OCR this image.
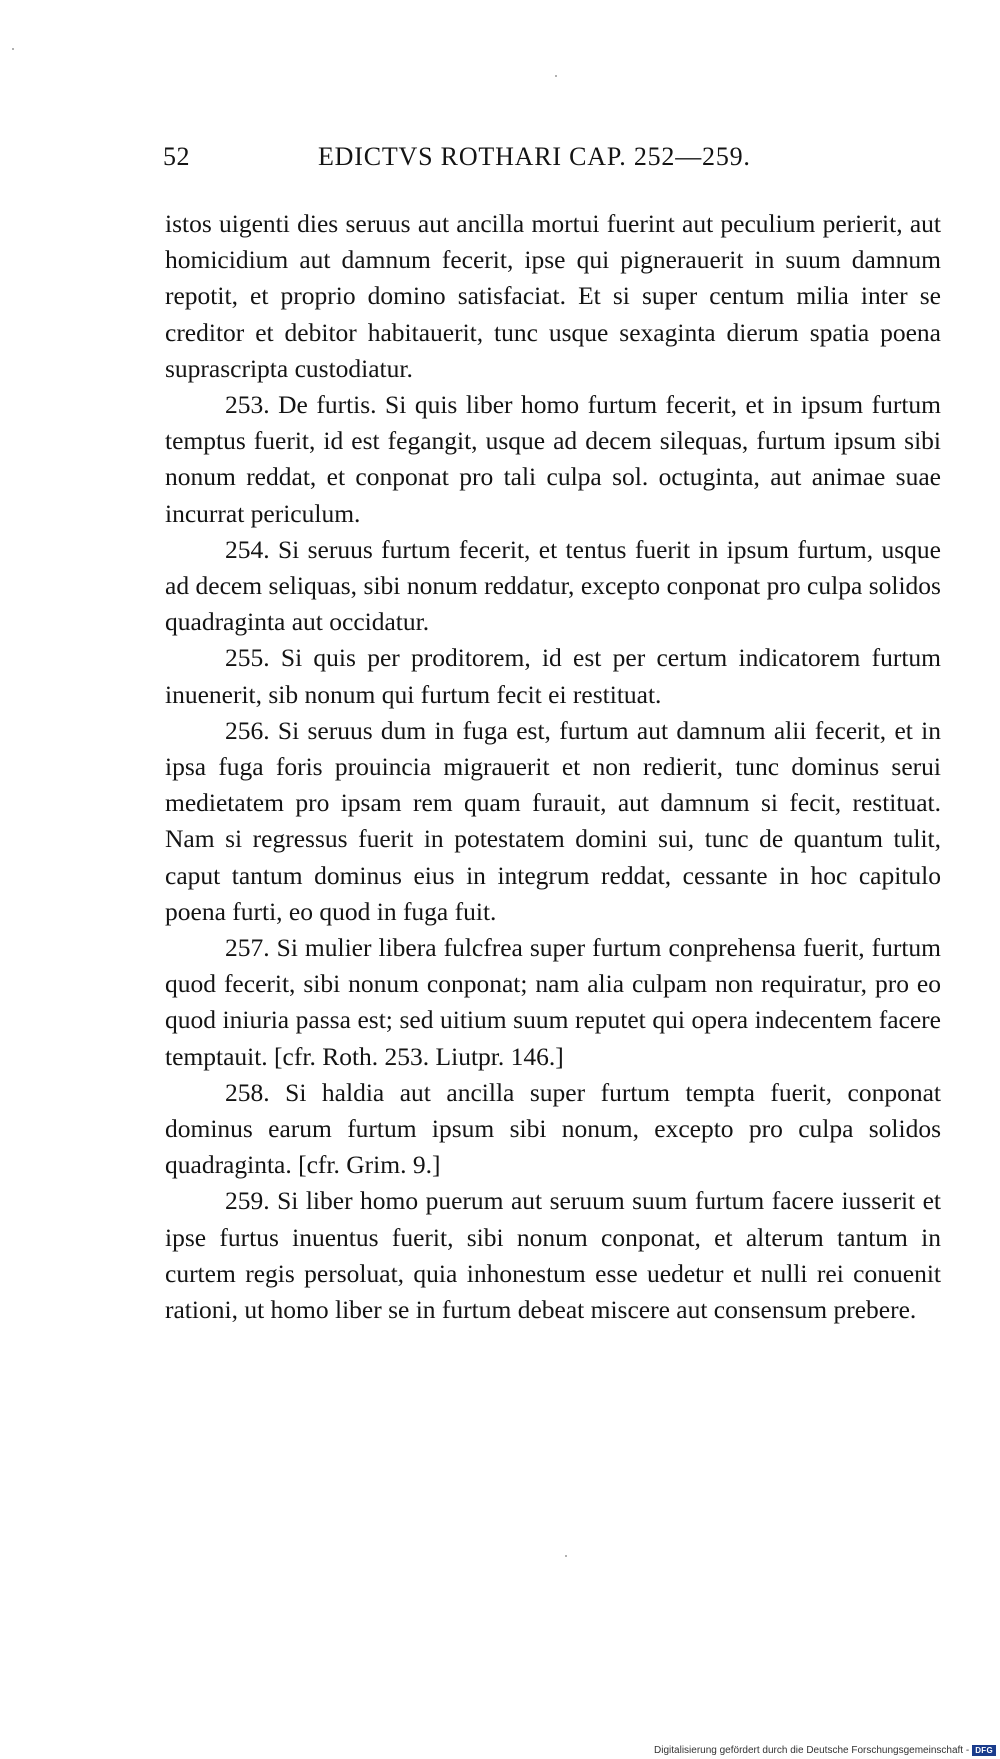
52	EDICTVS ROTHARI CAP. 252—259.

istos uigenti dies seruus aut ancilla mortui fuerint aut peculium perierit, aut homicidium aut damnum fecerit, ipse qui pignerauerit in suum damnum repotit, et proprio domino satisfaciat. Et si super centum milia inter se creditor et debitor habitauerit, tunc usque sexaginta dierum spatia poena suprascripta custodiatur.

253. De furtis. Si quis liber homo furtum fecerit, et in ipsum furtum temptus fuerit, id est fegangit, usque ad decem silequas, furtum ipsum sibi nonum reddat, et conponat pro tali culpa sol. octuginta, aut animae suae incurrat periculum.

254. Si seruus furtum fecerit, et tentus fuerit in ipsum furtum, usque ad decem seliquas, sibi nonum reddatur, excepto conponat pro culpa solidos quadraginta aut occidatur.

255. Si quis per proditorem, id est per certum indicatorem furtum inuenerit, sib nonum qui furtum fecit ei restituat.

256. Si seruus dum in fuga est, furtum aut damnum alii fecerit, et in ipsa fuga foris prouincia migrauerit et non redierit, tunc dominus serui medietatem pro ipsam rem quam furauit, aut damnum si fecit, restituat. Nam si regressus fuerit in potestatem domini sui, tunc de quantum tulit, caput tantum dominus eius in integrum reddat, cessante in hoc capitulo poena furti, eo quod in fuga fuit.

257. Si mulier libera fulcfrea super furtum conprehensa fuerit, furtum quod fecerit, sibi nonum conponat; nam alia culpam non requiratur, pro eo quod iniuria passa est; sed uitium suum reputet qui opera indecentem facere temptauit. [cfr. Roth. 253. Liutpr. 146.]

258. Si haldia aut ancilla super furtum tempta fuerit, conponat dominus earum furtum ipsum sibi nonum, excepto pro culpa solidos quadraginta. [cfr. Grim. 9.]

259. Si liber homo puerum aut seruum suum furtum facere iusserit et ipse furtus inuentus fuerit, sibi nonum conponat, et alterum tantum in curtem regis persoluat, quia inhonestum esse uedetur et nulli rei conuenit rationi, ut homo liber se in furtum debeat miscere aut consensum prebere.

Digitalisierung gefördert durch die Deutsche Forschungsgemeinschaft - DFG
